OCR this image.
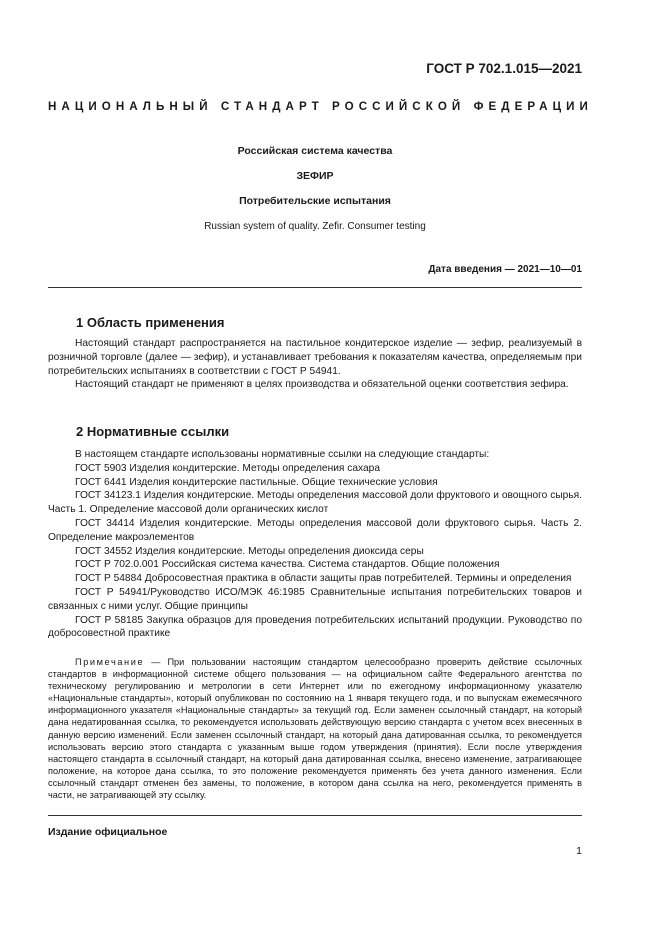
ГОСТ Р 702.1.015—2021
НАЦИОНАЛЬНЫЙ СТАНДАРТ РОССИЙСКОЙ ФЕДЕРАЦИИ
Российская система качества
ЗЕФИР
Потребительские испытания
Russian system of quality. Zefir. Consumer testing
Дата введения — 2021—10—01
1 Область применения

Настоящий стандарт распространяется на пастильное кондитерское изделие — зефир, реализуемый в розничной торговле (далее — зефир), и устанавливает требования к показателям качества, определяемым при потребительских испытаниях в соответствии с ГОСТ Р 54941.

Настоящий стандарт не применяют в целях производства и обязательной оценки соответствия зефира.

2 Нормативные ссылки

В настоящем стандарте использованы нормативные ссылки на следующие стандарты:

ГОСТ 5903 Изделия кондитерские. Методы определения сахара

ГОСТ 6441 Изделия кондитерские пастильные. Общие технические условия

ГОСТ 34123.1 Изделия кондитерские. Методы определения массовой доли фруктового и овощного сырья. Часть 1. Определение массовой доли органических кислот

ГОСТ 34414 Изделия кондитерские. Методы определения массовой доли фруктового сырья. Часть 2. Определение макроэлементов

ГОСТ 34552 Изделия кондитерские. Методы определения диоксида серы

ГОСТ Р 702.0.001 Российская система качества. Система стандартов. Общие положения

ГОСТ Р 54884 Добросовестная практика в области защиты прав потребителей. Термины и определения

ГОСТ Р 54941/Руководство ИСО/МЭК 46:1985 Сравнительные испытания потребительских товаров и связанных с ними услуг. Общие принципы

ГОСТ Р 58185 Закупка образцов для проведения потребительских испытаний продукции. Руководство по добросовестной практике

Примечание — При пользовании настоящим стандартом целесообразно проверить действие ссылочных стандартов в информационной системе общего пользования — на официальном сайте Федерального агентства по техническому регулированию и метрологии в сети Интернет или по ежегодному информационному указателю «Национальные стандарты», который опубликован по состоянию на 1 января текущего года, и по выпускам ежемесячного информационного указателя «Национальные стандарты» за текущий год. Если заменен ссылочный стандарт, на который дана недатированная ссылка, то рекомендуется использовать действующую версию стандарта с учетом всех внесенных в данную версию изменений. Если заменен ссылочный стандарт, на который дана датированная ссылка, то рекомендуется использовать версию этого стандарта с указанным выше годом утверждения (принятия). Если после утверждения настоящего стандарта в ссылочный стандарт, на который дана датированная ссылка, внесено изменение, затрагивающее положение, на которое дана ссылка, то это положение рекомендуется применять без учета данного изменения. Если ссылочный стандарт отменен без замены, то положение, в котором дана ссылка на него, рекомендуется применять в части, не затрагивающей эту ссылку.
Издание официальное
1
